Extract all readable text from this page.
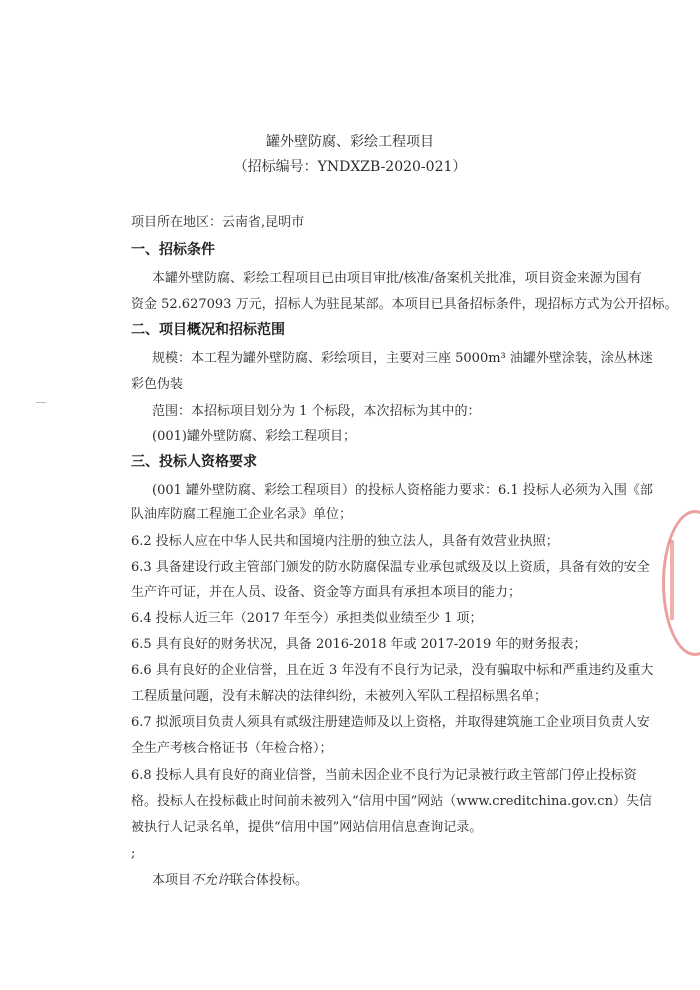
罐外壁防腐、彩绘工程项目
（招标编号：YNDXZB-2020-021）
项目所在地区：云南省,昆明市
一、招标条件
本罐外壁防腐、彩绘工程项目已由项目审批/核准/备案机关批准，项目资金来源为国有
资金 52.627093 万元，招标人为驻昆某部。本项目已具备招标条件，现招标方式为公开招标。
二、项目概况和招标范围
规模：本工程为罐外壁防腐、彩绘项目，主要对三座 5000m³ 油罐外壁涂装，涂丛林迷
彩色伪装
范围：本招标项目划分为 1 个标段，本次招标为其中的：
(001)罐外壁防腐、彩绘工程项目；
三、投标人资格要求
(001 罐外壁防腐、彩绘工程项目）的投标人资格能力要求：6.1 投标人必须为入围《部
队油库防腐工程施工企业名录》单位；
6.2 投标人应在中华人民共和国境内注册的独立法人，具备有效营业执照；
6.3 具备建设行政主管部门颁发的防水防腐保温专业承包贰级及以上资质，具备有效的安全
生产许可证，并在人员、设备、资金等方面具有承担本项目的能力；
6.4 投标人近三年（2017 年至今）承担类似业绩至少 1 项；
6.5 具有良好的财务状况，具备 2016-2018 年或 2017-2019 年的财务报表；
6.6 具有良好的企业信誉，且在近 3 年没有不良行为记录，没有骗取中标和严重违约及重大
工程质量问题，没有未解决的法律纠纷，未被列入军队工程招标黑名单；
6.7 拟派项目负责人须具有贰级注册建造师及以上资格，并取得建筑施工企业项目负责人安
全生产考核合格证书（年检合格）；
6.8 投标人具有良好的商业信誉，当前未因企业不良行为记录被行政主管部门停止投标资
格。投标人在投标截止时间前未被列入“信用中国”网站（www.creditchina.gov.cn）失信
被执行人记录名单，提供“信用中国”网站信用信息查询记录。
;
本项目不允许联合体投标。
